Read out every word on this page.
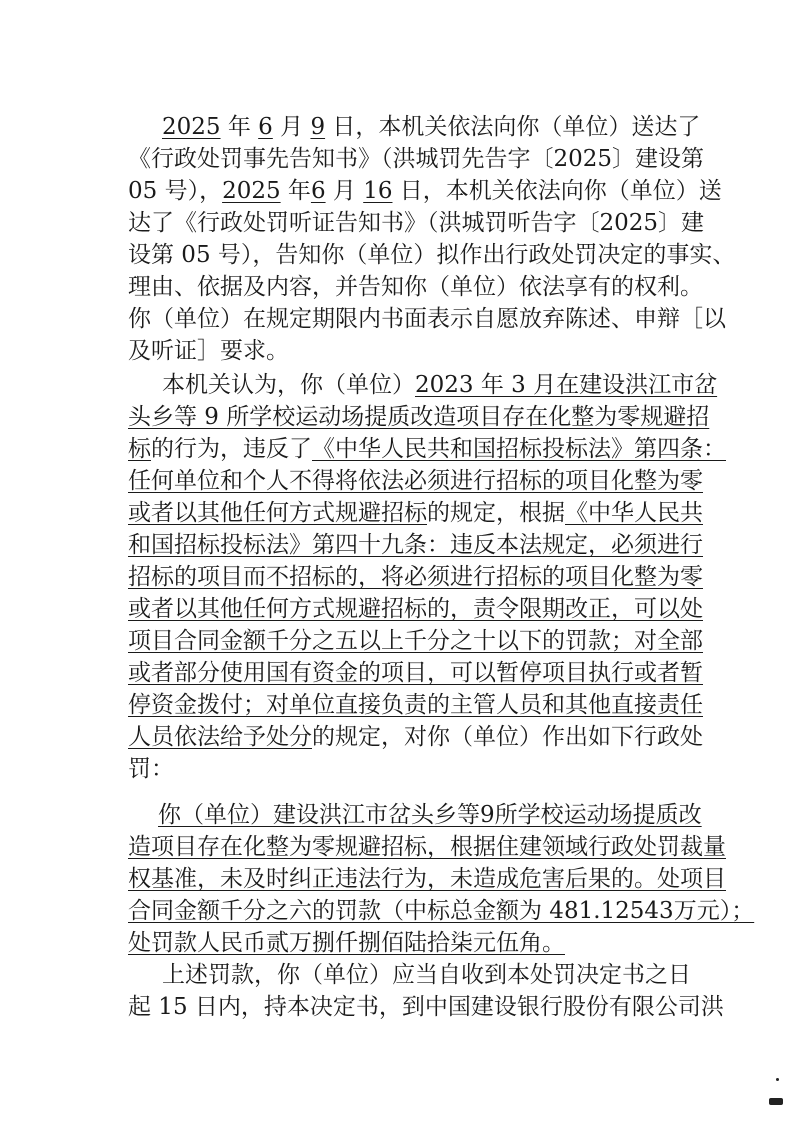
2025 年 6 月 9 日，本机关依法向你（单位）送达了
《行政处罚事先告知书》（洪城罚先告字〔2025〕建设第
05 号），2025 年6 月 16 日，本机关依法向你（单位）送
达了《行政处罚听证告知书》（洪城罚听告字〔2025〕建
设第 05 号），告知你（单位）拟作出行政处罚决定的事实、
理由、依据及内容，并告知你（单位）依法享有的权利。
你（单位）在规定期限内书面表示自愿放弃陈述、申辩［以
及听证］要求。
本机关认为，你（单位）2023 年 3 月在建设洪江市岔
头乡等 9 所学校运动场提质改造项目存在化整为零规避招
标的行为，违反了《中华人民共和国招标投标法》第四条：
任何单位和个人不得将依法必须进行招标的项目化整为零
或者以其他任何方式规避招标的规定，根据《中华人民共
和国招标投标法》第四十九条：违反本法规定，必须进行
招标的项目而不招标的，将必须进行招标的项目化整为零
或者以其他任何方式规避招标的，责令限期改正，可以处
项目合同金额千分之五以上千分之十以下的罚款；对全部
或者部分使用国有资金的项目，可以暂停项目执行或者暂
停资金拨付；对单位直接负责的主管人员和其他直接责任
人员依法给予处分的规定，对你（单位）作出如下行政处
罚：
你（单位）建设洪江市岔头乡等9所学校运动场提质改
造项目存在化整为零规避招标，根据住建领域行政处罚裁量
权基准，未及时纠正违法行为，未造成危害后果的。处项目
合同金额千分之六的罚款（中标总金额为 481.12543万元）；
处罚款人民币贰万捌仟捌佰陆拾柒元伍角。
上述罚款，你（单位）应当自收到本处罚决定书之日
起 15 日内，持本决定书，到中国建设银行股份有限公司洪
